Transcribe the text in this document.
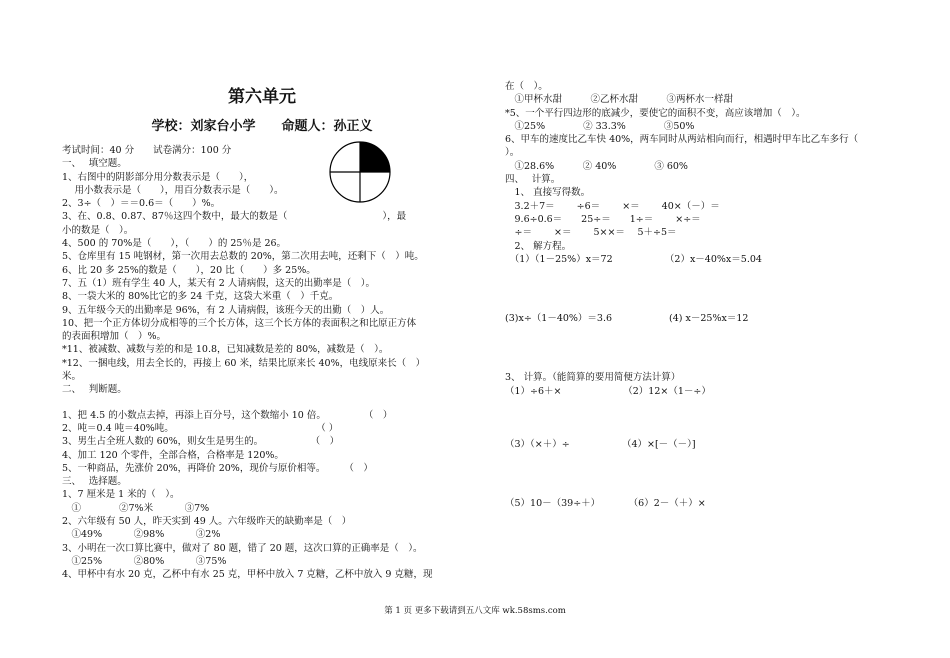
第六单元
学校：刘家台小学　　命题人：孙正义
考试时间：40 分　　试卷满分：100 分
一、　 填空题。
1、右图中的阴影部分用分数表示是（　　），
　 用小数表示是（　　），用百分数表示是（　　）。
2、3÷（　）＝＝0.6＝（　　）%。
3、在、0.8、0.87、87％这四个数中，最大的数是（　　　　　　　　　　），最
小的数是（　）。
4、500 的 70%是（　　），（　　）的 25％是 26。
5、仓库里有 15 吨钢材，第一次用去总数的 20%，第二次用去吨，还剩下（　）吨。
6、比 20 多 25%的数是（　　），20 比（　　）多 25%。
7、五（1）班有学生 40 人，某天有 2 人请病假，这天的出勤率是（　）。
8、一袋大米的 80%比它的多 24 千克，这袋大米重（　）千克。
9、五年级今天的出勤率是 96%，有 2 人请病假，该班今天的出勤（　）人。
10、把一个正方体切分成相等的三个长方体，这三个长方体的表面积之和比原正方体
的表面积增加（　）%。
*11、被减数、减数与差的和是 10.8，已知减数是差的 80%，减数是（　）。
*12、一捆电线，用去全长的，再接上 60 米，结果比原来长 40%，电线原来长（　）
米。
二、　 判断题。
1、把 4.5 的小数点去掉，再添上百分号，这个数缩小 10 倍。　　　　　（　）
2、吨＝0.4 吨＝40%吨。　　　　　　　　　　　　　　　　（ ）
3、男生占全班人数的 60%，则女生是男生的。　　　　　　（　）
4、加工 120 个零件，全部合格，合格率是 120%。
5、一种商品，先涨价 20%，再降价 20%，现价与原价相等。　　　（　）
三、　 选择题。
1、7 厘米是 1 米的（　）。
　①　　　　②7%米　　　 ③7%
2、六年级有 50 人，昨天实到 49 人。六年级昨天的缺勤率是（　）
　①49%　　　 ②98%　　　 ③2%
3、小明在一次口算比赛中，做对了 80 题，错了 20 题，这次口算的正确率是（　）。
　①25%　　　 ②80%　　　 ③75%
4、甲杯中有水 20 克，乙杯中有水 25 克，甲杯中放入 7 克糖，乙杯中放入 9 克糖，现
在（　）。
　①甲杯水甜　　　②乙杯水甜　　　③两杯水一样甜
*5、一个平行四边形的底减少，要使它的面积不变，高应该增加（　）。
　①25%　　　　② 33.3%　　　　③50%
6、甲车的速度比乙车快 40%，两车同时从两站相向而行，相遇时甲车比乙车多行（
）。
　①28.6%　　　② 40%　　　　③ 60%
四、　 计算。
　1、 直接写得数。
　3.2＋7＝　　 ÷6＝　　 ×＝　　 40×（－）＝
　9.6÷0.6＝　　25÷＝　　1÷＝　　 ×÷＝
　÷＝　　 ×＝　　 5××＝　 5＋÷5＝
　2、 解方程。
　（1）（1－25%）x＝72　　　　　　（2）x－40%x＝5.04
(3)x÷（1－40%）＝3.6　　　　　　(4) x－25%x＝12
3、 计算。（能简算的要用简便方法计算）
（1）÷6＋×　　　　　　　（2）12×（1－÷）
（3）（×＋）÷　　　　　　（4）×[－（－）]
（5）10－（39÷＋）　　　　（6）2－（＋）×
第 1 页 更多下载请到五八文库 wk.58sms.com
